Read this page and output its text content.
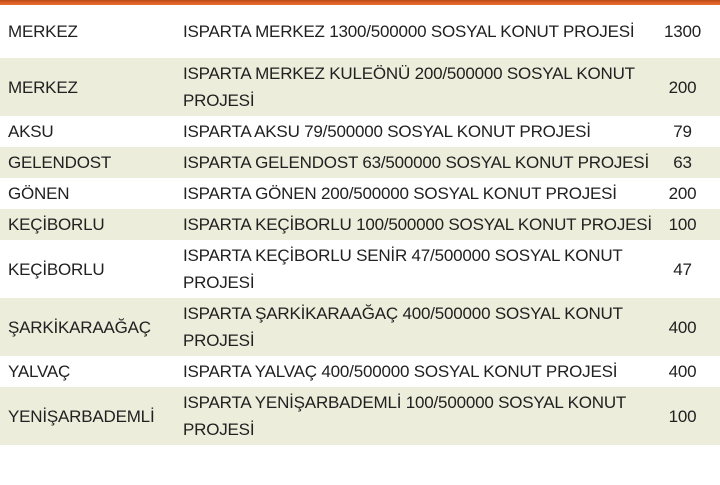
MERKEZ	ISPARTA MERKEZ 1300/500000 SOSYAL KONUT PROJESİ	1300
MERKEZ	ISPARTA MERKEZ KULEÖNÜ 200/500000 SOSYAL KONUT PROJESİ	200
AKSU	ISPARTA AKSU 79/500000 SOSYAL KONUT PROJESİ	79
GELENDOST	ISPARTA GELENDOST 63/500000 SOSYAL KONUT PROJESİ	63
GÖNEN	ISPARTA GÖNEN 200/500000 SOSYAL KONUT PROJESİ	200
KEÇİBORLU	ISPARTA KEÇİBORLU 100/500000 SOSYAL KONUT PROJESİ	100
KEÇİBORLU	ISPARTA KEÇİBORLU SENİR 47/500000 SOSYAL KONUT PROJESİ	47
ŞARKİKARAAĞAÇ	ISPARTA ŞARKİKARAAĞAÇ 400/500000 SOSYAL KONUT PROJESİ	400
YALVAÇ	ISPARTA YALVAÇ 400/500000 SOSYAL KONUT PROJESİ	400
YENİŞARBADEMLİ	ISPARTA YENİŞARBADEMLİ 100/500000 SOSYAL KONUT PROJESİ	100
